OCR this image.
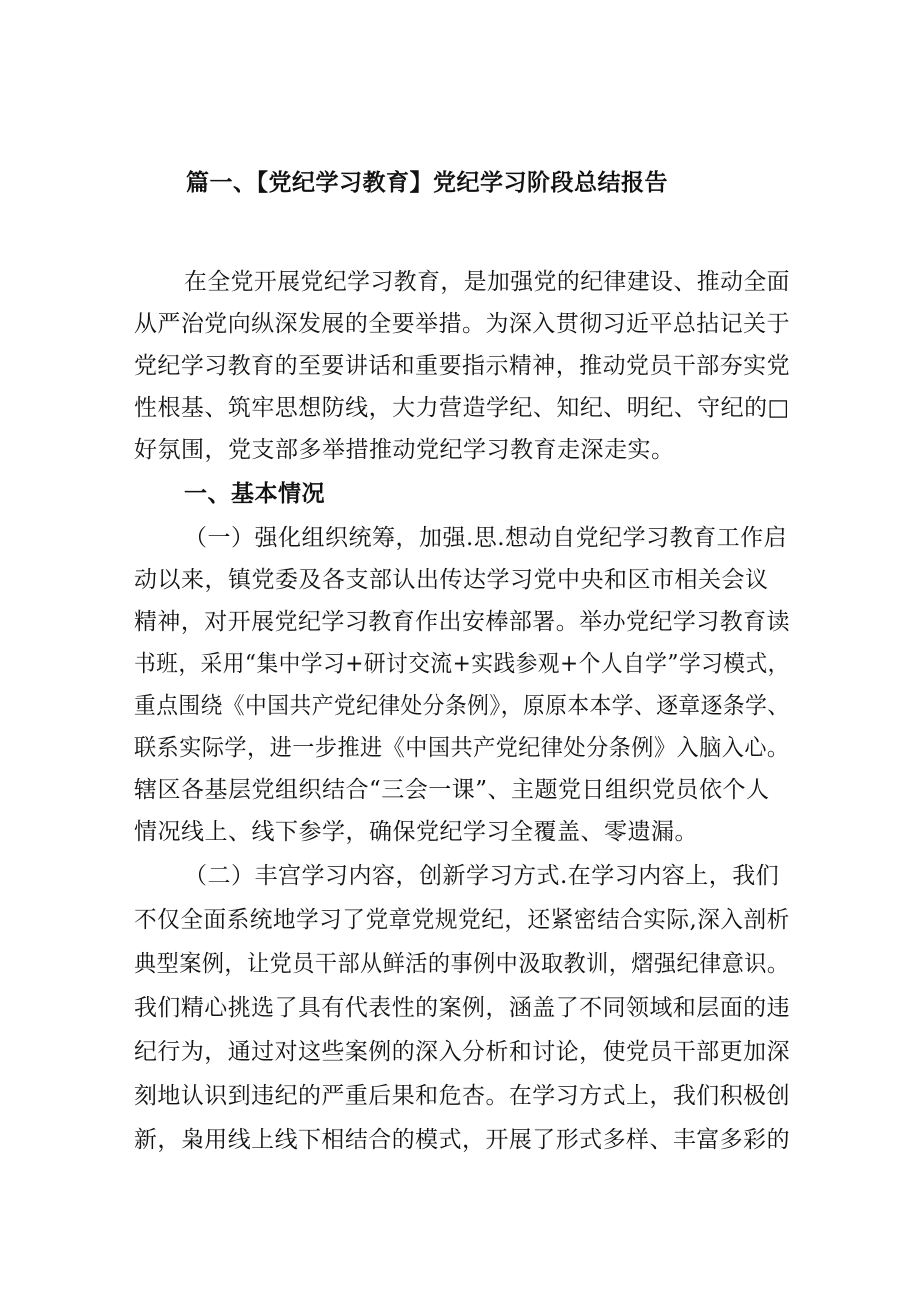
篇一、【党纪学习教育】党纪学习阶段总结报告
在全党开展党纪学习教育，是加强党的纪律建设、推动全面
从严治党向纵深发展的全要举措。为深入贯彻习近平总拈记关于
党纪学习教育的至要讲话和重要指示精神，推动党员干部夯实党
性根基、筑牢思想防线，大力营造学纪、知纪、明纪、守纪的□
好氛围，党支部多举措推动党纪学习教育走深走实。
一、基本情况
（一）强化组织统筹，加强.思.想动自党纪学习教育工作启
动以来，镇党委及各支部认出传达学习党中央和区市相关会议
精神，对开展党纪学习教育作出安棒部署。举办党纪学习教育读
书班，采用“集中学习+研讨交流+实践参观+个人自学”学习模式，
重点围绕《中国共产党纪律处分条例》，原原本本学、逐章逐条学、
联系实际学，进一步推进《中国共产党纪律处分条例》入脑入心。
辖区各基层党组织结合“三会一课”、主题党日组织党员依个人
情况线上、线下参学，确保党纪学习全覆盖、零遗漏。
（二）丰宫学习内容，创新学习方式.在学习内容上，我们
不仅全面系统地学习了党章党规党纪，还紧密结合实际,深入剖析
典型案例，让党员干部从鲜活的事例中汲取教训，熠强纪律意识。
我们精心挑选了具有代表性的案例，涵盖了不同领域和层面的违
纪行为，通过对这些案例的深入分析和讨论，使党员干部更加深
刻地认识到违纪的严重后果和危杏。在学习方式上，我们积极创
新，枭用线上线下相结合的模式，开展了形式多样、丰富多彩的
